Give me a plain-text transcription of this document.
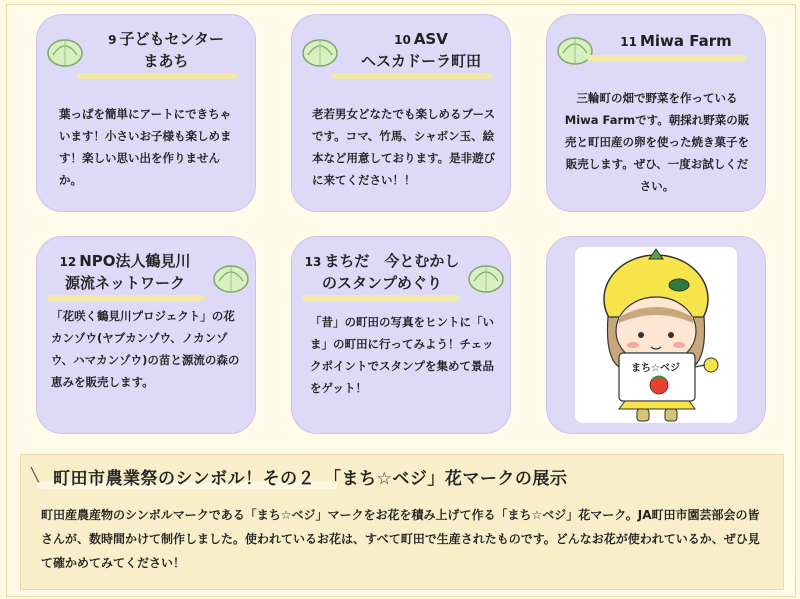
9 子どもセンター
まあち
葉っぱを簡単にアートにできちゃいます！小さいお子様も楽しめます！楽しい思い出を作りませんか。
10 ASV
ヘスカドーラ町田
老若男女どなたでも楽しめるブースです。コマ、竹馬、シャボン玉、絵本など用意しております。是非遊びに来てください！！
11 Miwa Farm
三輪町の畑で野菜を作っているMiwa Farmです。朝採れ野菜の販売と町田産の卵を使った焼き菓子を販売します。ぜひ、一度お試しください。
12 NPO法人鶴見川
源流ネットワーク
「花咲く鶴見川プロジェクト」の花カンゾウ(ヤブカンゾウ、ノカンゾウ、ハマカンゾウ)の苗と源流の森の恵みを販売します。
13 まちだ　今とむかし
のスタンプめぐり
「昔」の町田の写真をヒントに「いま」の町田に行ってみよう！チェックポイントでスタンプを集めて景品をゲット！
まち☆ベジ
町田市農業祭のシンボル！その２　「まち☆ベジ」花マークの展示
町田産農産物のシンボルマークである「まち☆ベジ」マークをお花を積み上げて作る「まち☆ベジ」花マーク。JA町田市園芸部会の皆さんが、数時間かけて制作しました。使われているお花は、すべて町田で生産されたものです。どんなお花が使われているか、ぜひ見て確かめてみてください！
